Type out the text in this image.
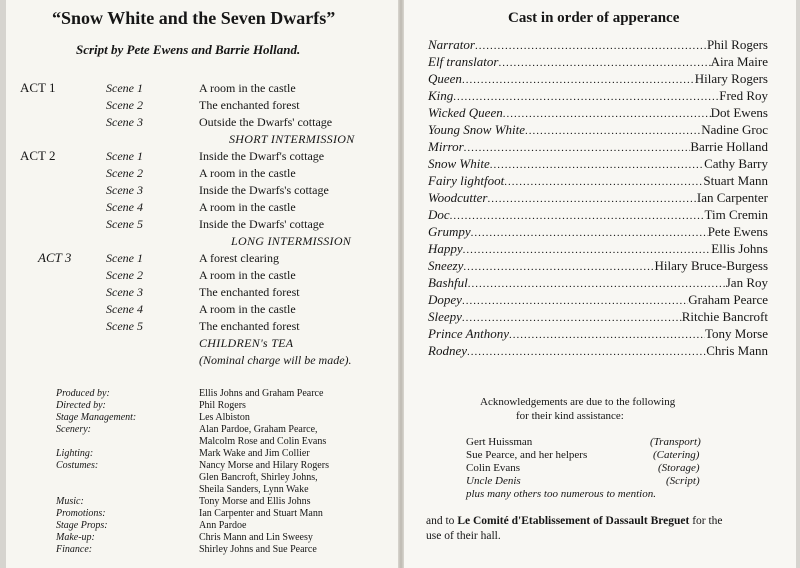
“Snow White and the Seven Dwarfs”
Script by Pete Ewens and Barrie Holland.
ACT 1	Scene 1	A room in the castle
Scene 2	The enchanted forest
Scene 3	Outside the Dwarfs' cottage
SHORT INTERMISSION
ACT 2	Scene 1	Inside the Dwarf's cottage
Scene 2	A room in the castle
Scene 3	Inside the Dwarfs's cottage
Scene 4	A room in the castle
Scene 5	Inside the Dwarfs' cottage
LONG INTERMISSION
ACT 3	Scene 1	A forest clearing
Scene 2	A room in the castle
Scene 3	The enchanted forest
Scene 4	A room in the castle
Scene 5	The enchanted forest
CHILDREN's TEA
(Nominal charge will be made).
Produced by:	Ellis Johns and Graham Pearce
Directed by:	Phil Rogers
Stage Management:	Les Albiston
Scenery:	Alan Pardoe, Graham Pearce,
Malcolm Rose and Colin Evans
Lighting:	Mark Wake and Jim Collier
Costumes:	Nancy Morse and Hilary Rogers
Glen Bancroft, Shirley Johns,
Sheila Sanders, Lynn Wake
Music:	Tony Morse and Ellis Johns
Promotions:	Ian Carpenter and Stuart Mann
Stage Props:	Ann Pardoe
Make-up:	Chris Mann and Lin Sweesy
Finance:	Shirley Johns and Sue Pearce
Cast in order of apperance
Narrator .....	Phil Rogers
Elf translator .....	Aira Maire
Queen .....	Hilary Rogers
King .....	Fred Roy
Wicked Queen .....	Dot Ewens
Young Snow White .....	Nadine Groc
Mirror .....	Barrie Holland
Snow White .....	Cathy Barry
Fairy lightfoot .....	Stuart Mann
Woodcutter .....	Ian Carpenter
Doc .....	Tim Cremin
Grumpy .....	Pete Ewens
Happy .....	Ellis Johns
Sneezy .....	Hilary Bruce-Burgess
Bashful .....	Jan Roy
Dopey .....	Graham Pearce
Sleepy .....	Ritchie Bancroft
Prince Anthony .....	Tony Morse
Rodney .....	Chris Mann
Acknowledgements are due to the following
for their kind assistance:
Gert Huissman	(Transport)
Sue Pearce, and her helpers	(Catering)
Colin Evans	(Storage)
Uncle Denis	(Script)
plus many others too numerous to mention.
and to Le Comité d'Etablissement of Dassault Breguet for the
use of their hall.
